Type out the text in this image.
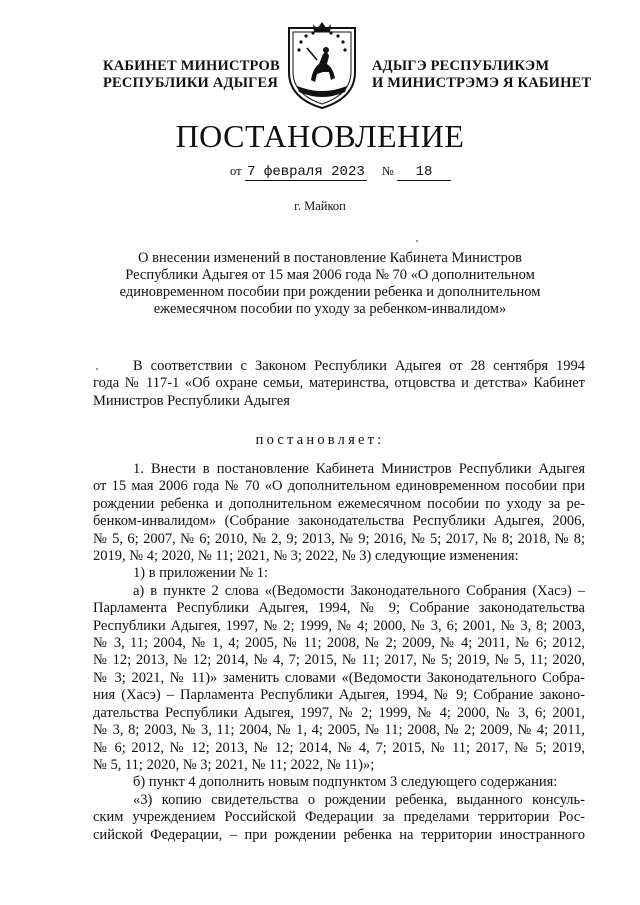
КАБИНЕТ МИНИСТРОВ
РЕСПУБЛИКИ АДЫГЕЯ
АДЫГЭ РЕСПУБЛИКЭМ
И МИНИСТРЭМЭ Я КАБИНЕТ
ПОСТАНОВЛЕНИЕ
от 7 февраля 2023 № 18
г. Майкоп
О внесении изменений в постановление Кабинета Министров
Республики Адыгея от 15 мая 2006 года № 70 «О дополнительном
единовременном пособии при рождении ребенка и дополнительном
ежемесячном пособии по уходу за ребенком-инвалидом»
В соответствии с Законом Республики Адыгея от 28 сентября 1994
года № 117-1 «Об охране семьи, материнства, отцовства и детства» Кабинет
Министров Республики Адыгея
постановляет:
1. Внести в постановление Кабинета Министров Республики Адыгея
от 15 мая 2006 года № 70 «О дополнительном единовременном пособии при
рождении ребенка и дополнительном ежемесячном пособии по уходу за ре-
бенком-инвалидом» (Собрание законодательства Республики Адыгея, 2006,
№ 5, 6; 2007, № 6; 2010, № 2, 9; 2013, № 9; 2016, № 5; 2017, № 8; 2018, № 8;
2019, № 4; 2020, № 11; 2021, № 3; 2022, № 3) следующие изменения:
1) в приложении № 1:
а) в пункте 2 слова «(Ведомости Законодательного Собрания (Хасэ) –
Парламента Республики Адыгея, 1994, № 9; Собрание законодательства
Республики Адыгея, 1997, № 2; 1999, № 4; 2000, № 3, 6; 2001, № 3, 8; 2003,
№ 3, 11; 2004, № 1, 4; 2005, № 11; 2008, № 2; 2009, № 4; 2011, № 6; 2012,
№ 12; 2013, № 12; 2014, № 4, 7; 2015, № 11; 2017, № 5; 2019, № 5, 11; 2020,
№ 3; 2021, № 11)» заменить словами «(Ведомости Законодательного Собра-
ния (Хасэ) – Парламента Республики Адыгея, 1994, № 9; Собрание законо-
дательства Республики Адыгея, 1997, № 2; 1999, № 4; 2000, № 3, 6; 2001,
№ 3, 8; 2003, № 3, 11; 2004, № 1, 4; 2005, № 11; 2008, № 2; 2009, № 4; 2011,
№ 6; 2012, № 12; 2013, № 12; 2014, № 4, 7; 2015, № 11; 2017, № 5; 2019,
№ 5, 11; 2020, № 3; 2021, № 11; 2022, № 11)»;
б) пункт 4 дополнить новым подпунктом 3 следующего содержания:
«3) копию свидетельства о рождении ребенка, выданного консуль-
ским учреждением Российской Федерации за пределами территории Рос-
сийской Федерации, – при рождении ребенка на территории иностранного
